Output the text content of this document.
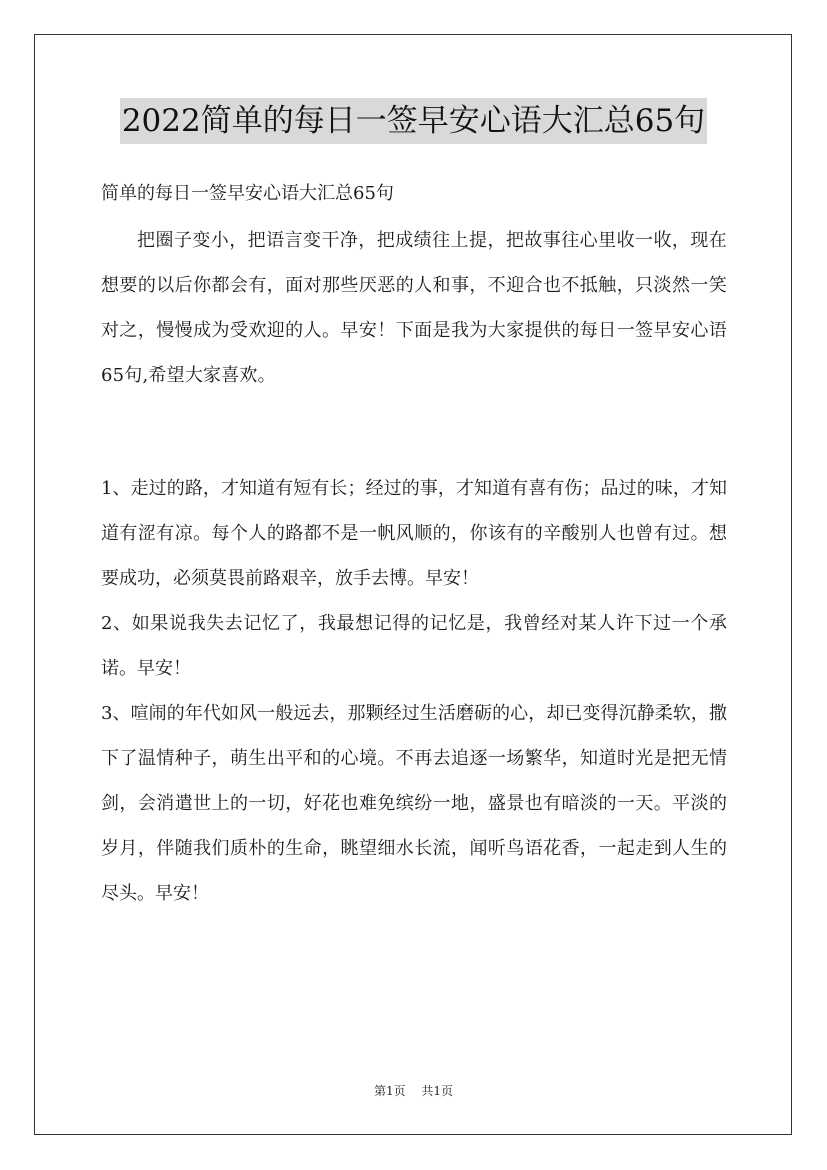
2022简单的每日一签早安心语大汇总65句

简单的每日一签早安心语大汇总65句

把圈子变小，把语言变干净，把成绩往上提，把故事往心里收一收，现在想要的以后你都会有，面对那些厌恶的人和事，不迎合也不抵触，只淡然一笑对之，慢慢成为受欢迎的人。早安！下面是我为大家提供的每日一签早安心语65句,希望大家喜欢。

1、走过的路，才知道有短有长；经过的事，才知道有喜有伤；品过的味，才知道有涩有凉。每个人的路都不是一帆风顺的，你该有的辛酸别人也曾有过。想要成功，必须莫畏前路艰辛，放手去博。早安！

2、如果说我失去记忆了，我最想记得的记忆是，我曾经对某人许下过一个承诺。早安！

3、喧闹的年代如风一般远去，那颗经过生活磨砺的心，却已变得沉静柔软，撒下了温情种子，萌生出平和的心境。不再去追逐一场繁华，知道时光是把无情剑，会消遣世上的一切，好花也难免缤纷一地，盛景也有暗淡的一天。平淡的岁月，伴随我们质朴的生命，眺望细水长流，闻听鸟语花香，一起走到人生的尽头。早安！

第1页 共1页
